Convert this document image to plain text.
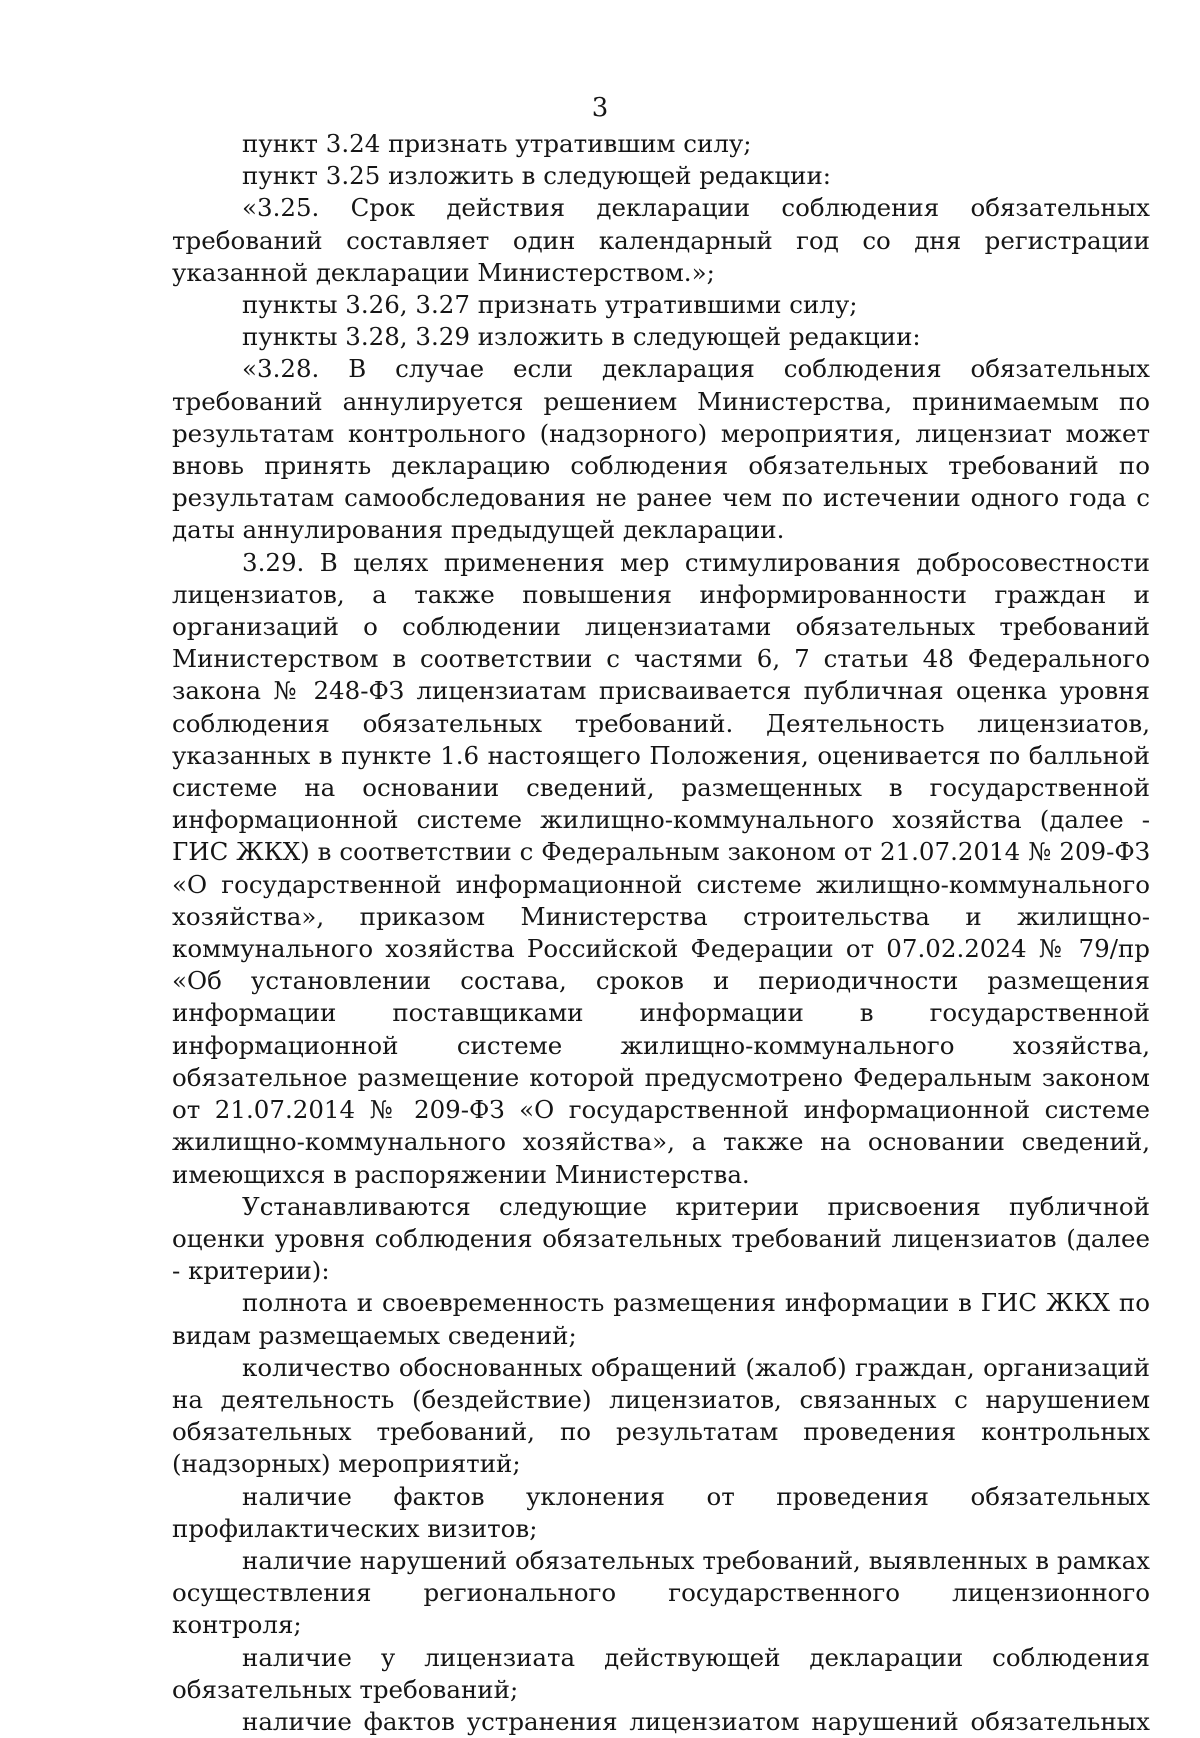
3

пункт 3.24 признать утратившим силу;

пункт 3.25 изложить в следующей редакции:

«3.25. Срок действия декларации соблюдения обязательных требований составляет один календарный год со дня регистрации указанной декларации Министерством.»;

пункты 3.26, 3.27 признать утратившими силу;

пункты 3.28, 3.29 изложить в следующей редакции:

«3.28. В случае если декларация соблюдения обязательных требований аннулируется решением Министерства, принимаемым по результатам контрольного (надзорного) мероприятия, лицензиат может вновь принять декларацию соблюдения обязательных требований по результатам самообследования не ранее чем по истечении одного года с даты аннулирования предыдущей декларации.

3.29. В целях применения мер стимулирования добросовестности лицензиатов, а также повышения информированности граждан и организаций о соблюдении лицензиатами обязательных требований Министерством в соответствии с частями 6, 7 статьи 48 Федерального закона № 248-ФЗ лицензиатам присваивается публичная оценка уровня соблюдения обязательных требований. Деятельность лицензиатов, указанных в пункте 1.6 настоящего Положения, оценивается по балльной системе на основании сведений, размещенных в государственной информационной системе жилищно-коммунального хозяйства (далее - ГИС ЖКХ) в соответствии с Федеральным законом от 21.07.2014 № 209-ФЗ «О государственной информационной системе жилищно-коммунального хозяйства», приказом Министерства строительства и жилищно-коммунального хозяйства Российской Федерации от 07.02.2024 № 79/пр «Об установлении состава, сроков и периодичности размещения информации поставщиками информации в государственной информационной системе жилищно-коммунального хозяйства, обязательное размещение которой предусмотрено Федеральным законом от 21.07.2014 № 209-ФЗ «О государственной информационной системе жилищно-коммунального хозяйства», а также на основании сведений, имеющихся в распоряжении Министерства.

Устанавливаются следующие критерии присвоения публичной оценки уровня соблюдения обязательных требований лицензиатов (далее - критерии):

полнота и своевременность размещения информации в ГИС ЖКХ по видам размещаемых сведений;

количество обоснованных обращений (жалоб) граждан, организаций на деятельность (бездействие) лицензиатов, связанных с нарушением обязательных требований, по результатам проведения контрольных (надзорных) мероприятий;

наличие фактов уклонения от проведения обязательных профилактических визитов;

наличие нарушений обязательных требований, выявленных в рамках осуществления регионального государственного лицензионного контроля;

наличие у лицензиата действующей декларации соблюдения обязательных требований;

наличие фактов устранения лицензиатом нарушений обязательных
